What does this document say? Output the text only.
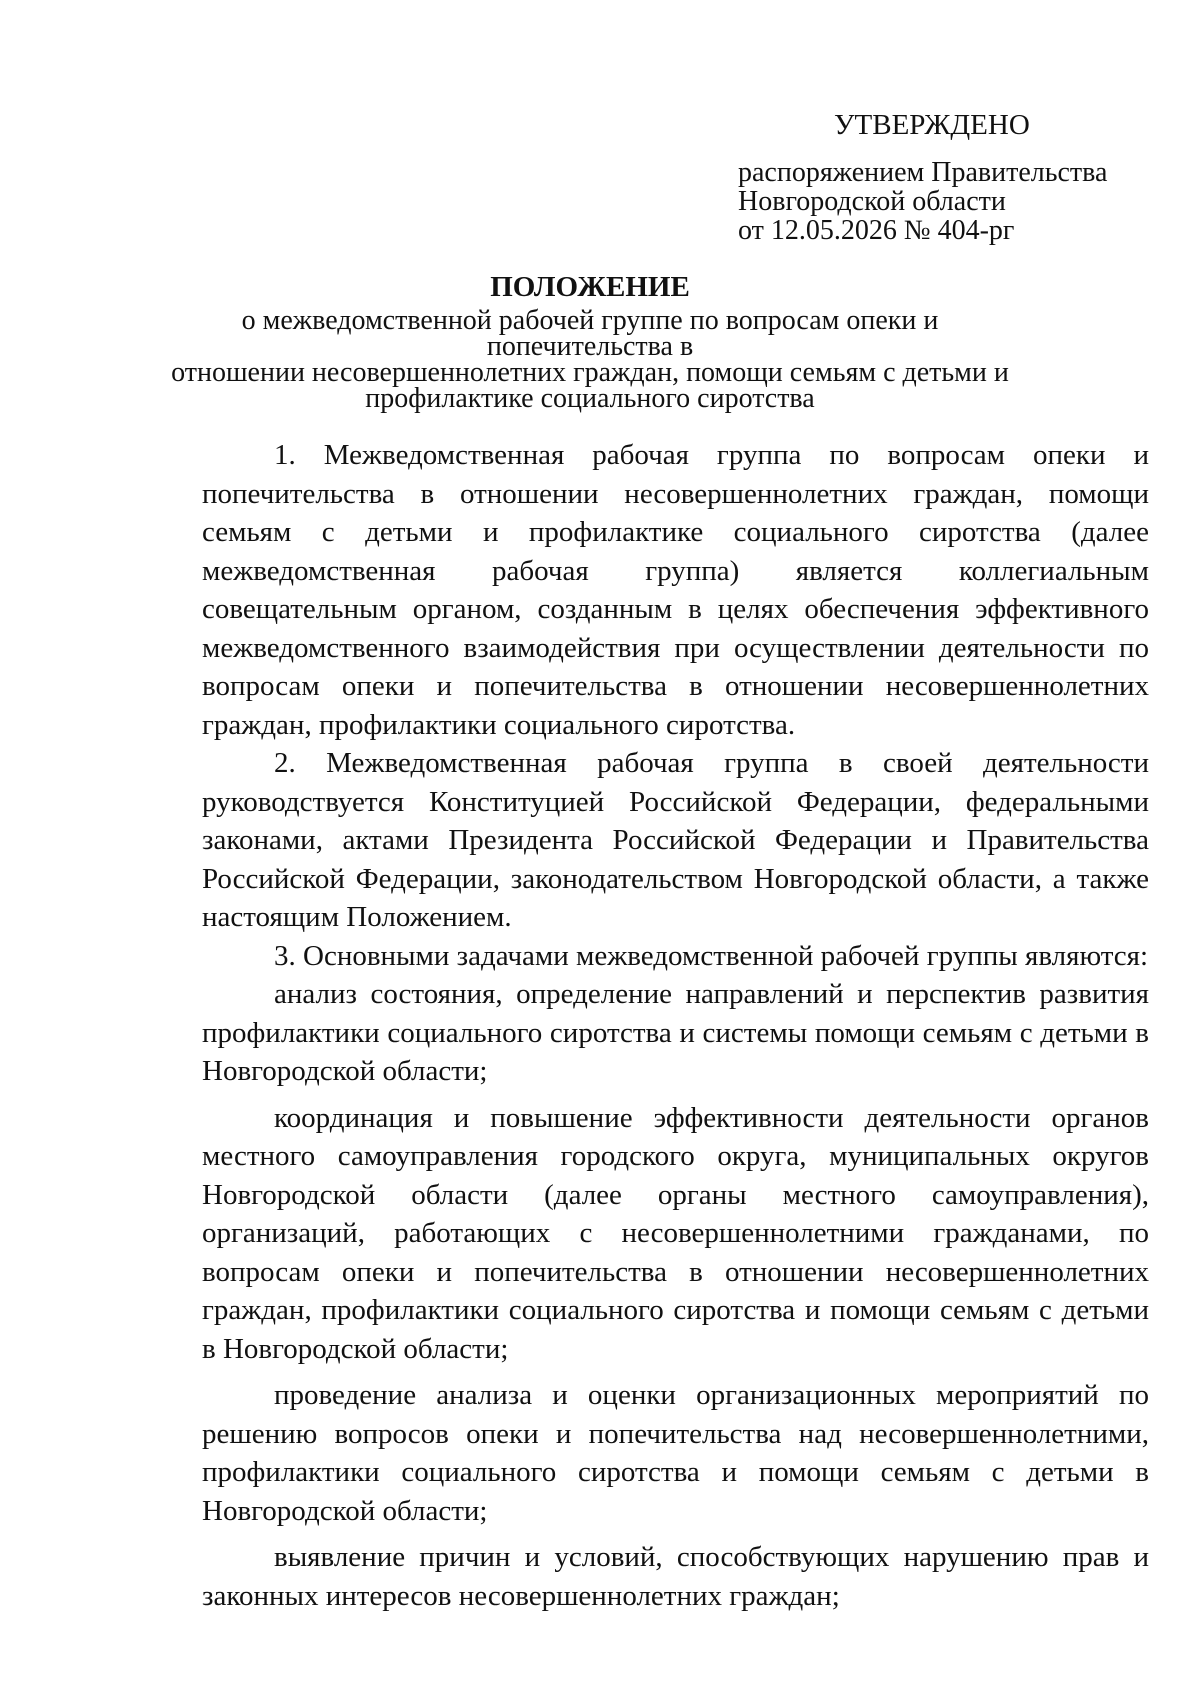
УТВЕРЖДЕНО
распоряжением Правительства
Новгородской области
от 12.05.2026 № 404-рг
ПОЛОЖЕНИЕ
о межведомственной рабочей группе по вопросам опеки и попечительства в
отношении несовершеннолетних граждан, помощи семьям с детьми и
профилактике социального сиротства

1. Межведомственная рабочая группа по вопросам опеки и попечительства в отношении несовершеннолетних граждан, помощи семьям с детьми и профилактике социального сиротства (далее межведомственная рабочая группа) является коллегиальным совещательным органом, созданным в целях обеспечения эффективного межведомственного взаимодействия при осуществлении деятельности по вопросам опеки и попечительства в отношении несовершеннолетних граждан, профилактики социального сиротства.

2. Межведомственная рабочая группа в своей деятельности руководствуется Конституцией Российской Федерации, федеральными законами, актами Президента Российской Федерации и Правительства Российской Федерации, законодательством Новгородской области, а также настоящим Положением.

3. Основными задачами межведомственной рабочей группы являются:

анализ состояния, определение направлений и перспектив развития профилактики социального сиротства и системы помощи семьям с детьми в Новгородской области;

координация и повышение эффективности деятельности органов местного самоуправления городского округа, муниципальных округов Новгородской области (далее органы местного самоуправления), организаций, работающих с несовершеннолетними гражданами, по вопросам опеки и попечительства в отношении несовершеннолетних граждан, профилактики социального сиротства и помощи семьям с детьми в Новгородской области;

проведение анализа и оценки организационных мероприятий по решению вопросов опеки и попечительства над несовершеннолетними, профилактики социального сиротства и помощи семьям с детьми в Новгородской области;

выявление причин и условий, способствующих нарушению прав и законных интересов несовершеннолетних граждан;
